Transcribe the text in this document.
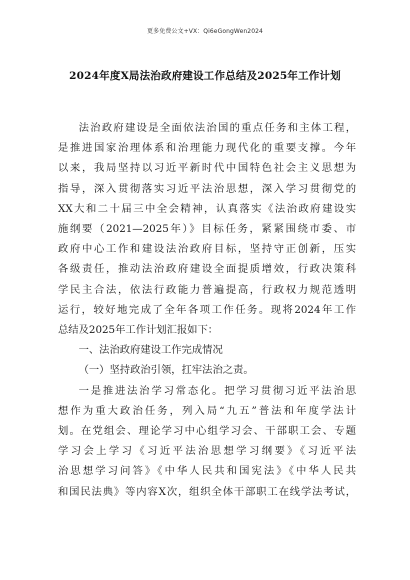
更多免费公文+VX：Qi6eGongWen2024
2024年度X局法治政府建设工作总结及2025年工作计划

法治政府建设是全面依法治国的重点任务和主体工程，
是推进国家治理体系和治理能力现代化的重要支撑。今年
以来，我局坚持以习近平新时代中国特色社会主义思想为
指导，深入贯彻落实习近平法治思想，深入学习贯彻党的
XX大和二十届三中全会精神，认真落实《法治政府建设实
施纲要（2021—2025年）》目标任务，紧紧围绕市委、市
政府中心工作和建设法治政府目标，坚持守正创新，压实
各级责任，推动法治政府建设全面提质增效，行政决策科
学民主合法，依法行政能力普遍提高，行政权力规范透明
运行，较好地完成了全年各项工作任务。现将2024年工作
总结及2025年工作计划汇报如下：

一、法治政府建设工作完成情况

（一）坚持政治引领，扛牢法治之责。

一是推进法治学习常态化。把学习贯彻习近平法治思
想作为重大政治任务，列入局“九五”普法和年度学法计
划。在党组会、理论学习中心组学习会、干部职工会、专题
学习会上学习《习近平法治思想学习纲要》《习近平法
治思想学习问答》《中华人民共和国宪法》《中华人民共
和国民法典》等内容X次，组织全体干部职工在线学法考试，
